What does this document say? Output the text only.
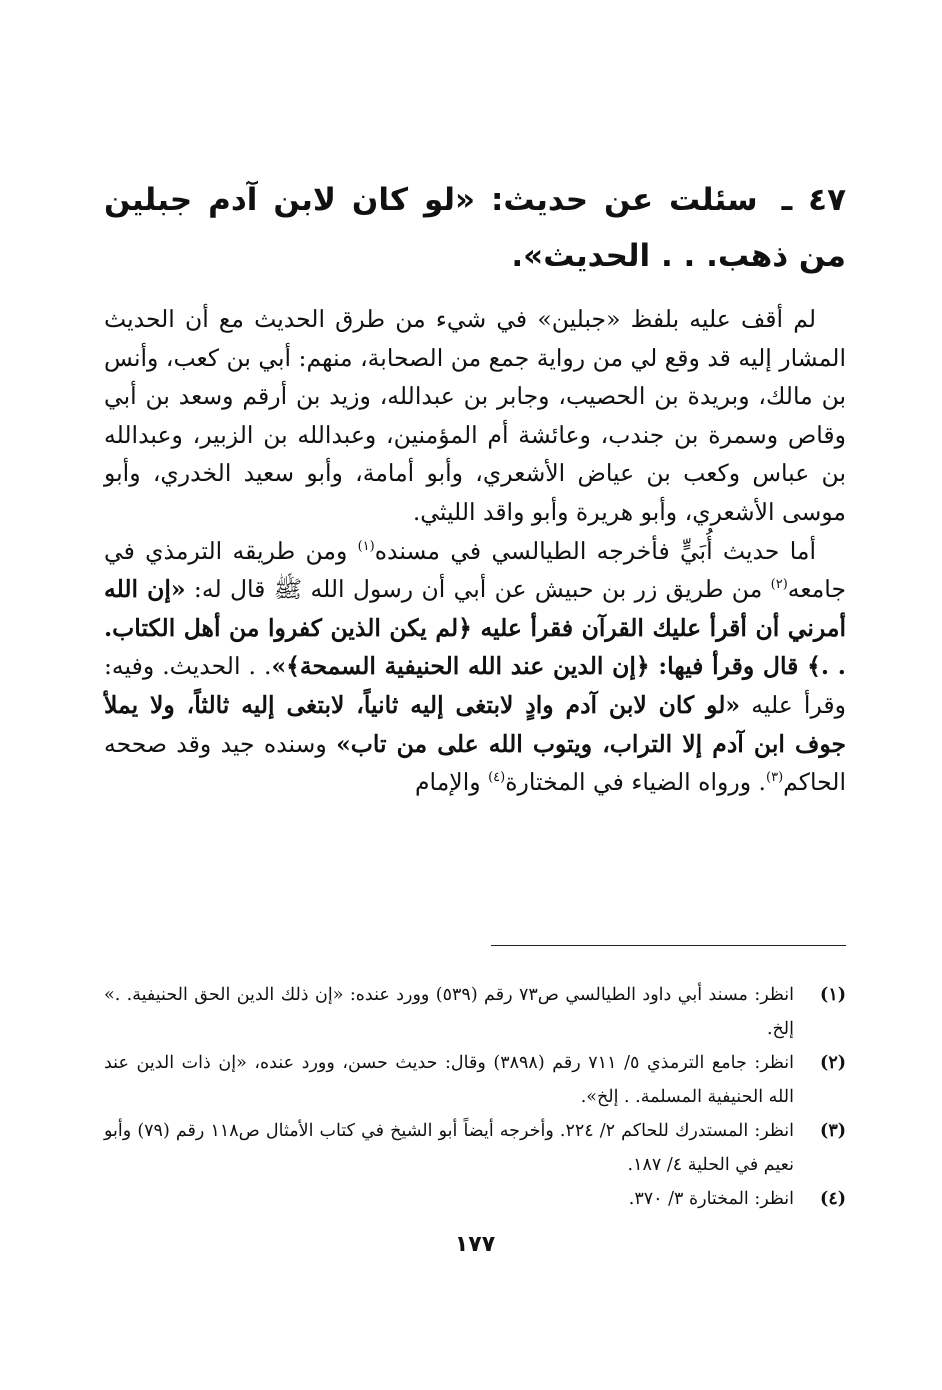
٤٧ ـ سئلت عن حديث: «لو كان لابن آدم جبلين من ذهب. . . الحديث».

لم أقف عليه بلفظ «جبلين» في شيء من طرق الحديث مع أن الحديث المشار إليه قد وقع لي من رواية جمع من الصحابة، منهم: أبي بن كعب، وأنس بن مالك، وبريدة بن الحصيب، وجابر بن عبدالله، وزيد بن أرقم وسعد بن أبي وقاص وسمرة بن جندب، وعائشة أم المؤمنين، وعبدالله بن الزبير، وعبدالله بن عباس وكعب بن عياض الأشعري، وأبو أمامة، وأبو سعيد الخدري، وأبو موسى الأشعري، وأبو هريرة وأبو واقد الليثي.

أما حديث أُبَيٍّ فأخرجه الطيالسي في مسنده$^{(١)}$ ومن طريقه الترمذي في جامعه$^{(٢)}$ من طريق زر بن حبيش عن أبي أن رسول الله ﷺ قال له: «إن الله أمرني أن أقرأ عليك القرآن فقرأ عليه ﴿لم يكن الذين كفروا من أهل الكتاب. . .﴾ قال وقرأ فيها: ﴿إن الدين عند الله الحنيفية السمحة﴾». . الحديث. وفيه: وقرأ عليه «لو كان لابن آدم وادٍ لابتغى إليه ثانياً، لابتغى إليه ثالثاً، ولا يملأ جوف ابن آدم إلا التراب، ويتوب الله على من تاب» وسنده جيد وقد صححه الحاكم$^{(٣)}$. ورواه الضياء في المختارة$^{(٤)}$ والإمام

(١)
انظر: مسند أبي داود الطيالسي ص٧٣ رقم (٥٣٩) وورد عنده: «إن ذلك الدين الحق الحنيفية. .» إلخ.
(٢)
انظر: جامع الترمذي ٥/ ٧١١ رقم (٣٨٩٨) وقال: حديث حسن، وورد عنده، «إن ذات الدين عند الله الحنيفية المسلمة. . إلخ».
(٣)
انظر: المستدرك للحاكم ٢/ ٢٢٤. وأخرجه أيضاً أبو الشيخ في كتاب الأمثال ص١١٨ رقم (٧٩) وأبو نعيم في الحلية ٤/ ١٨٧.
(٤)
انظر: المختارة ٣/ ٣٧٠.
١٧٧
